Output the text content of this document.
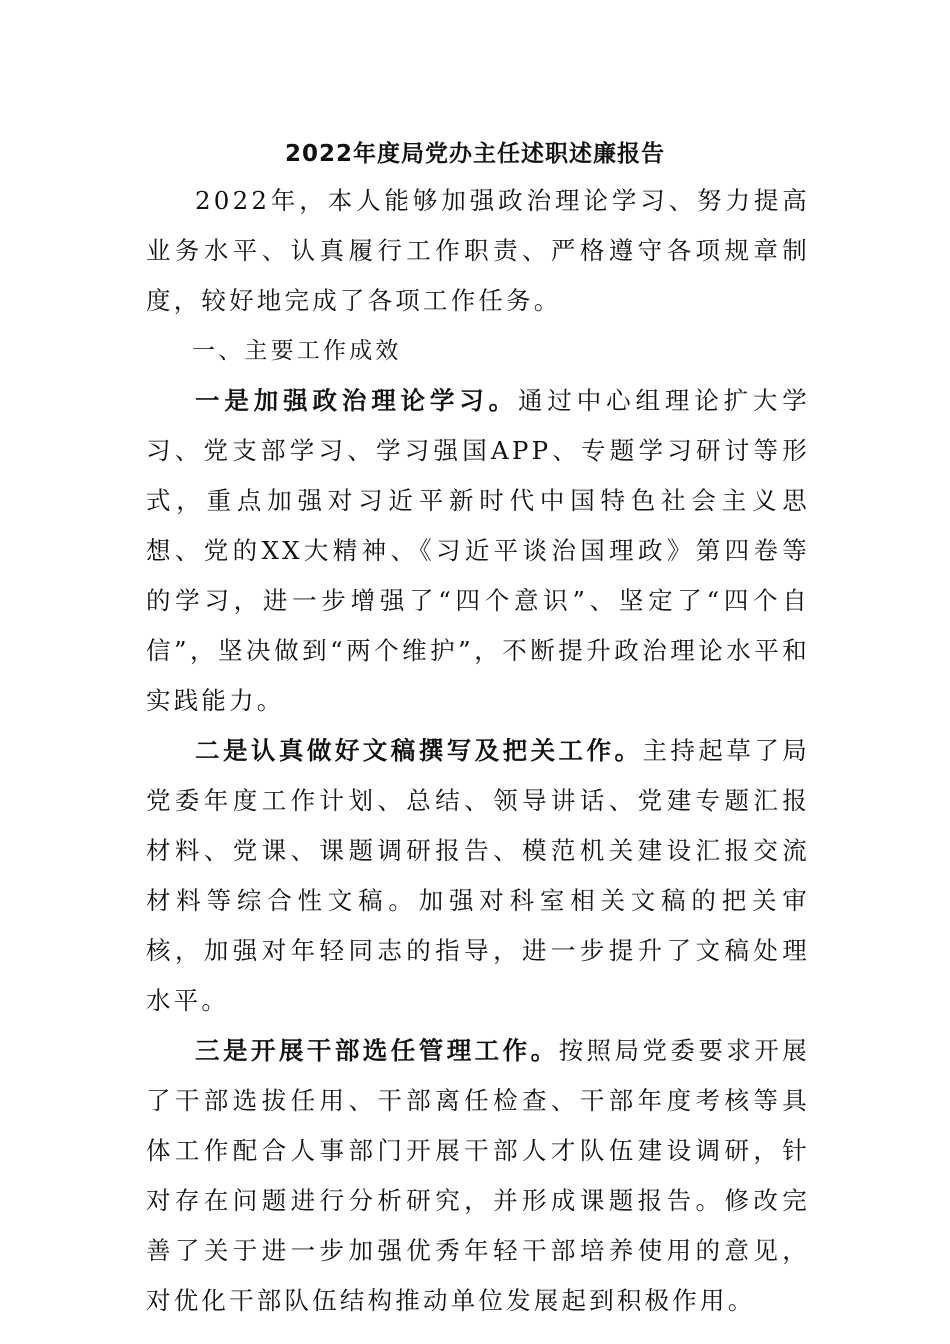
2022年度局党办主任述职述廉报告

2022年，本人能够加强政治理论学习、努力提高业务水平、认真履行工作职责、严格遵守各项规章制度，较好地完成了各项工作任务。

一、主要工作成效

一是加强政治理论学习。通过中心组理论扩大学习、党支部学习、学习强国APP、专题学习研讨等形式，重点加强对习近平新时代中国特色社会主义思想、党的XX大精神、《习近平谈治国理政》第四卷等的学习，进一步增强了“四个意识”、坚定了“四个自信”，坚决做到“两个维护”，不断提升政治理论水平和实践能力。

二是认真做好文稿撰写及把关工作。主持起草了局党委年度工作计划、总结、领导讲话、党建专题汇报材料、党课、课题调研报告、模范机关建设汇报交流材料等综合性文稿。加强对科室相关文稿的把关审核，加强对年轻同志的指导，进一步提升了文稿处理水平。

三是开展干部选任管理工作。按照局党委要求开展了干部选拔任用、干部离任检查、干部年度考核等具体工作配合人事部门开展干部人才队伍建设调研，针对存在问题进行分析研究，并形成课题报告。修改完善了关于进一步加强优秀年轻干部培养使用的意见，对优化干部队伍结构推动单位发展起到积极作用。
